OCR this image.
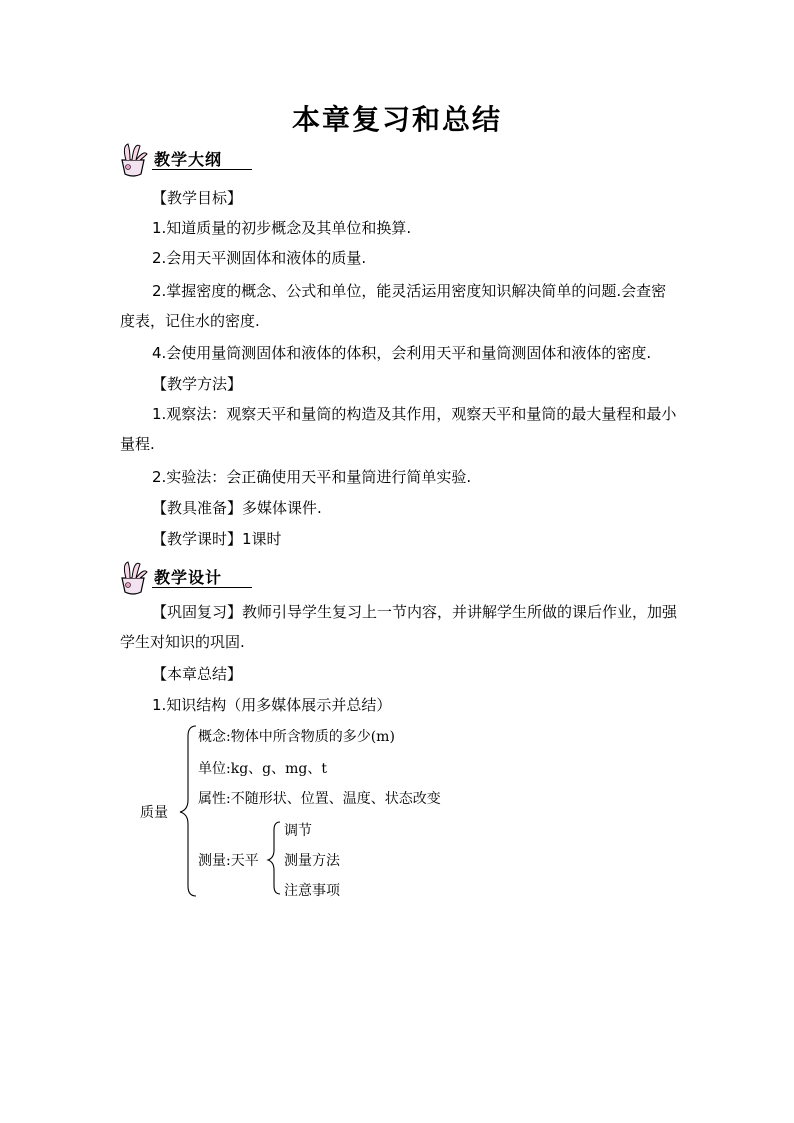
本章复习和总结
教学大纲
【教学目标】
1.知道质量的初步概念及其单位和换算.
2.会用天平测固体和液体的质量.
2.掌握密度的概念、公式和单位，能灵活运用密度知识解决简单的问题.会查密度表，记住水的密度.
4.会使用量筒测固体和液体的体积，会利用天平和量筒测固体和液体的密度.
【教学方法】
1.观察法：观察天平和量筒的构造及其作用，观察天平和量筒的最大量程和最小量程.
2.实验法：会正确使用天平和量筒进行简单实验.
【教具准备】多媒体课件.
【教学课时】1课时
教学设计
【巩固复习】教师引导学生复习上一节内容，并讲解学生所做的课后作业，加强学生对知识的巩固.
【本章总结】
1.知识结构（用多媒体展示并总结）
质量
概念:物体中所含物质的多少(m)
单位:kg、g、mg、t
属性:不随形状、位置、温度、状态改变
测量:天平
调节
测量方法
注意事项
